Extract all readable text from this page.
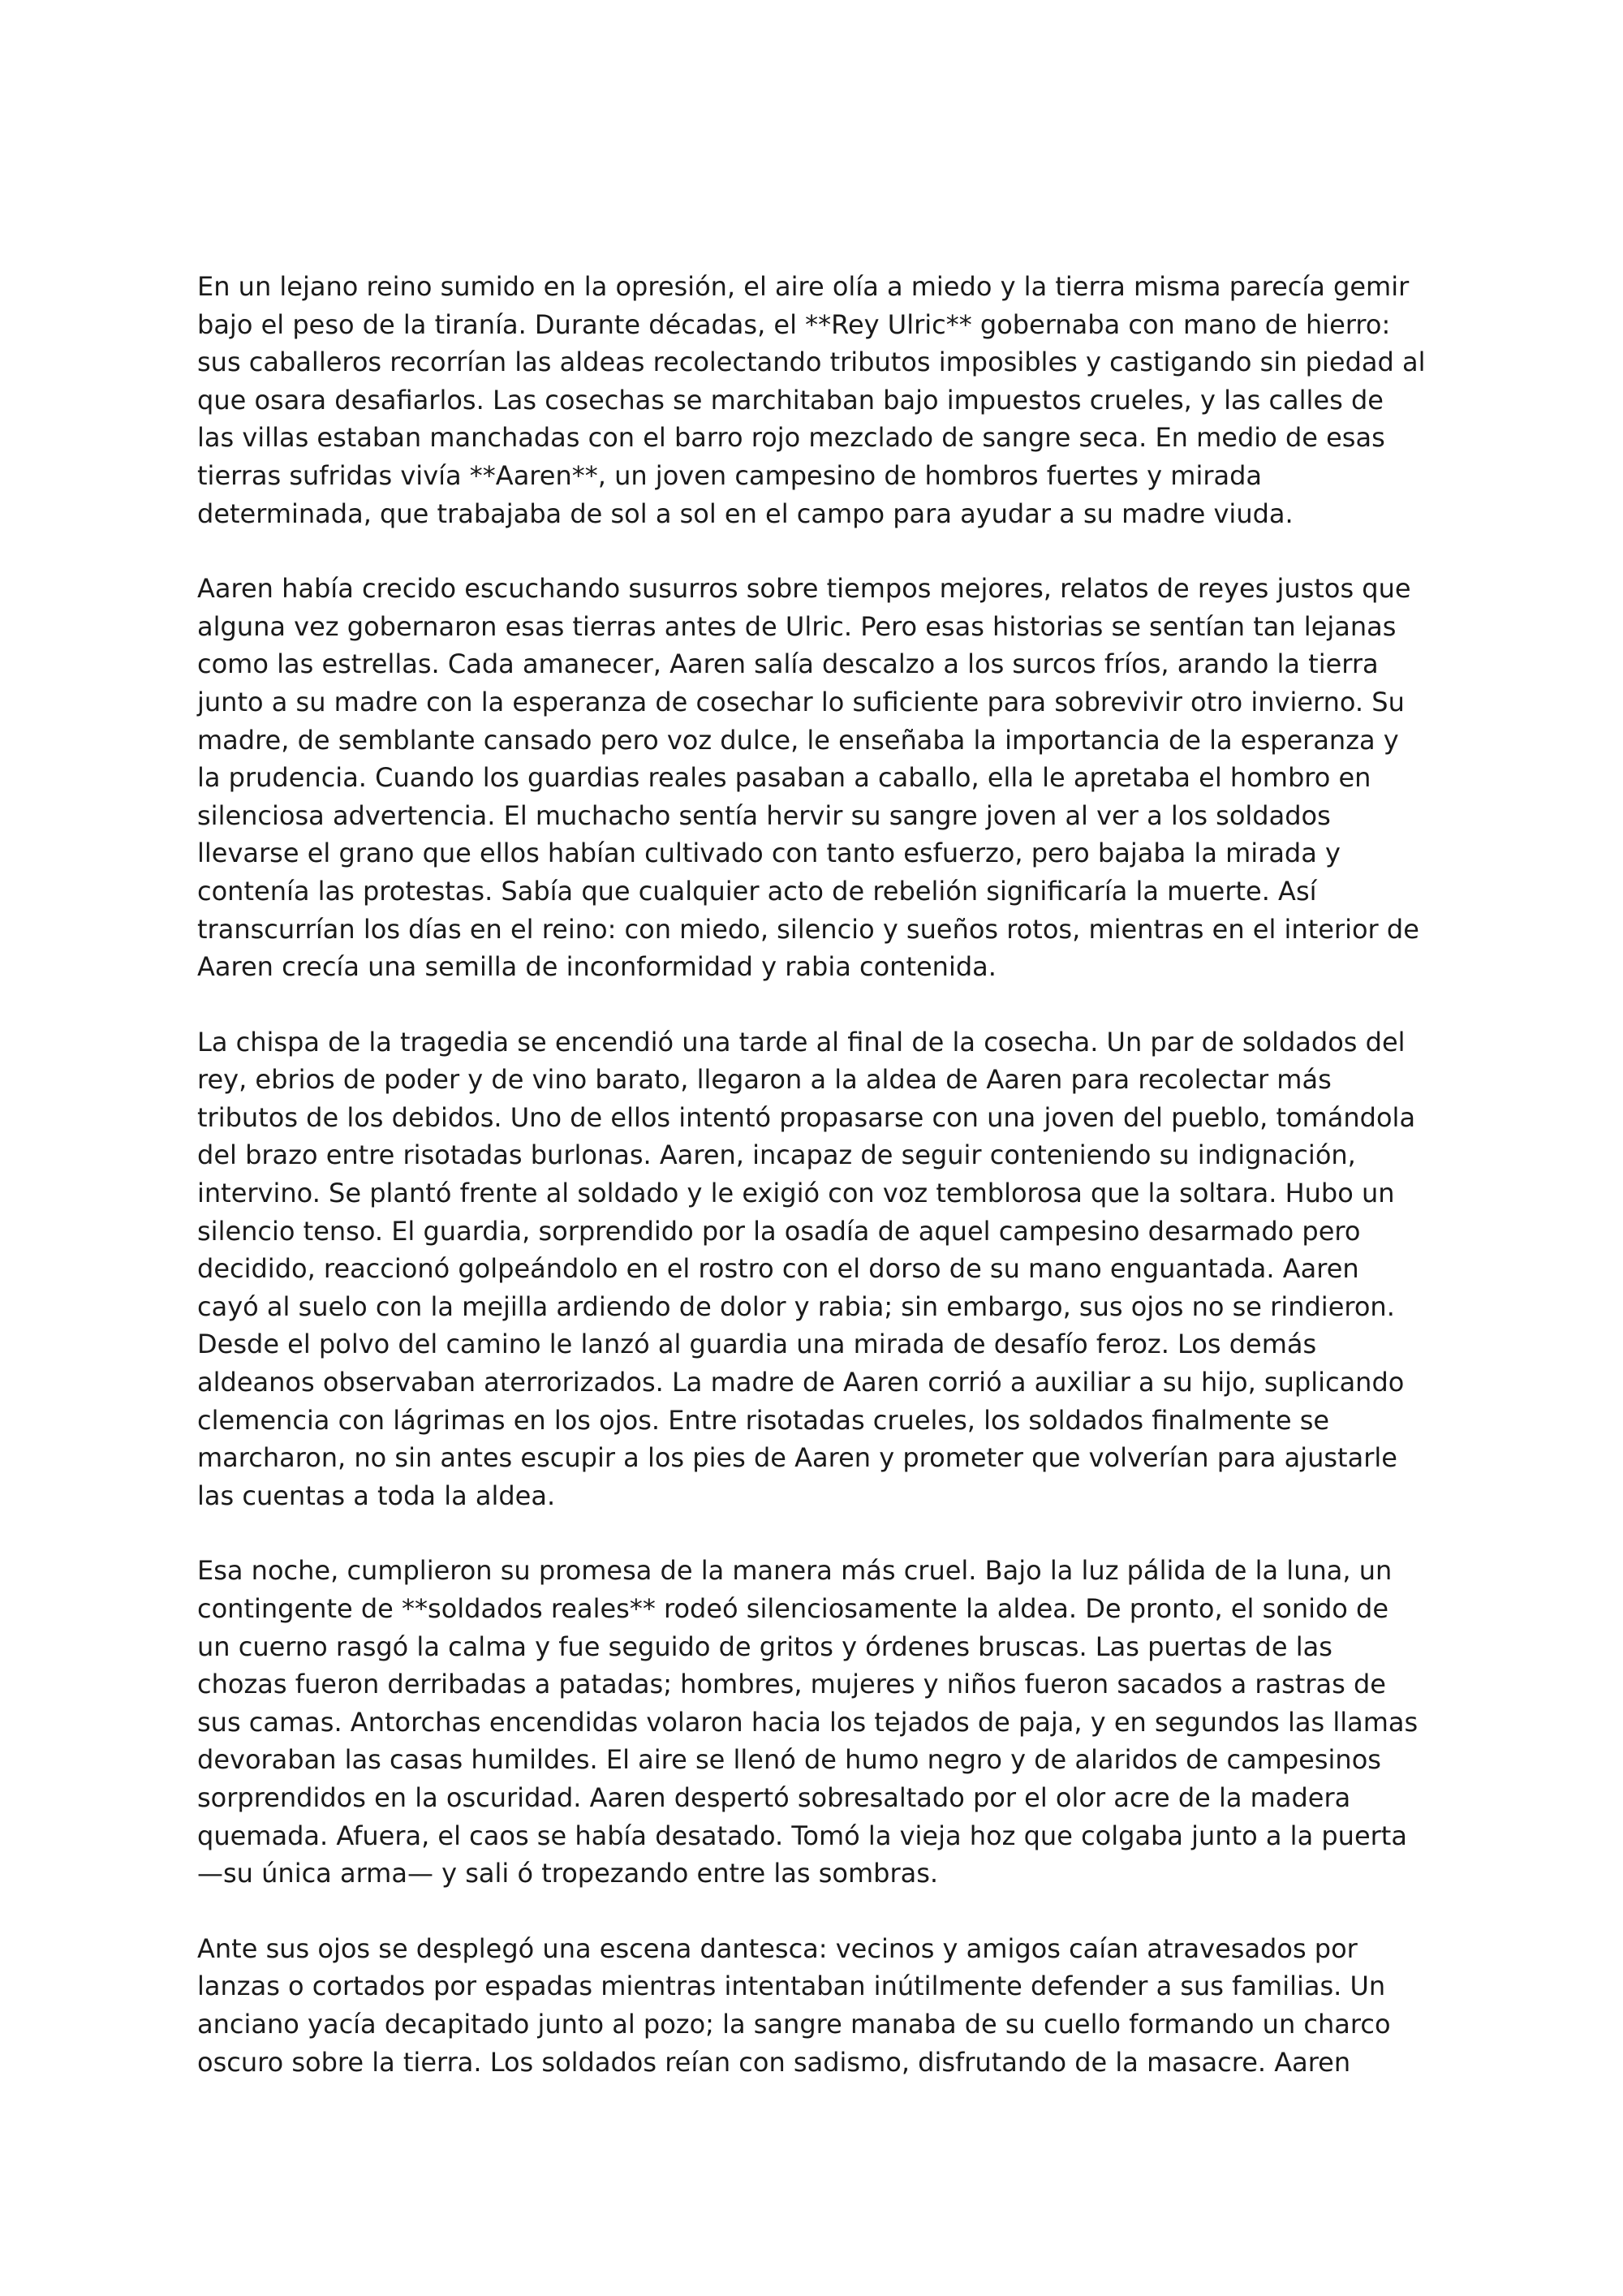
En un lejano reino sumido en la opresión, el aire olía a miedo y la tierra misma parecía gemir bajo el peso de la tiranía. Durante décadas, el **Rey Ulric** gobernaba con mano de hierro: sus caballeros recorrían las aldeas recolectando tributos imposibles y castigando sin piedad al que osara desafiarlos. Las cosechas se marchitaban bajo impuestos crueles, y las calles de las villas estaban manchadas con el barro rojo mezclado de sangre seca. En medio de esas tierras sufridas vivía **Aaren**, un joven campesino de hombros fuertes y mirada determinada, que trabajaba de sol a sol en el campo para ayudar a su madre viuda.

Aaren había crecido escuchando susurros sobre tiempos mejores, relatos de reyes justos que alguna vez gobernaron esas tierras antes de Ulric. Pero esas historias se sentían tan lejanas como las estrellas. Cada amanecer, Aaren salía descalzo a los surcos fríos, arando la tierra junto a su madre con la esperanza de cosechar lo suficiente para sobrevivir otro invierno. Su madre, de semblante cansado pero voz dulce, le enseñaba la importancia de la esperanza y la prudencia. Cuando los guardias reales pasaban a caballo, ella le apretaba el hombro en silenciosa advertencia. El muchacho sentía hervir su sangre joven al ver a los soldados llevarse el grano que ellos habían cultivado con tanto esfuerzo, pero bajaba la mirada y contenía las protestas. Sabía que cualquier acto de rebelión significaría la muerte. Así transcurrían los días en el reino: con miedo, silencio y sueños rotos, mientras en el interior de Aaren crecía una semilla de inconformidad y rabia contenida.

La chispa de la tragedia se encendió una tarde al final de la cosecha. Un par de soldados del rey, ebrios de poder y de vino barato, llegaron a la aldea de Aaren para recolectar más tributos de los debidos. Uno de ellos intentó propasarse con una joven del pueblo, tomándola del brazo entre risotadas burlonas. Aaren, incapaz de seguir conteniendo su indignación, intervino. Se plantó frente al soldado y le exigió con voz temblorosa que la soltara. Hubo un silencio tenso. El guardia, sorprendido por la osadía de aquel campesino desarmado pero decidido, reaccionó golpeándolo en el rostro con el dorso de su mano enguantada. Aaren cayó al suelo con la mejilla ardiendo de dolor y rabia; sin embargo, sus ojos no se rindieron. Desde el polvo del camino le lanzó al guardia una mirada de desafío feroz. Los demás aldeanos observaban aterrorizados. La madre de Aaren corrió a auxiliar a su hijo, suplicando clemencia con lágrimas en los ojos. Entre risotadas crueles, los soldados finalmente se marcharon, no sin antes escupir a los pies de Aaren y prometer que volverían para ajustarle las cuentas a toda la aldea.

Esa noche, cumplieron su promesa de la manera más cruel. Bajo la luz pálida de la luna, un contingente de **soldados reales** rodeó silenciosamente la aldea. De pronto, el sonido de un cuerno rasgó la calma y fue seguido de gritos y órdenes bruscas. Las puertas de las chozas fueron derribadas a patadas; hombres, mujeres y niños fueron sacados a rastras de sus camas. Antorchas encendidas volaron hacia los tejados de paja, y en segundos las llamas devoraban las casas humildes. El aire se llenó de humo negro y de alaridos de campesinos sorprendidos en la oscuridad. Aaren despertó sobresaltado por el olor acre de la madera quemada. Afuera, el caos se había desatado. Tomó la vieja hoz que colgaba junto a la puerta —su única arma— y sali ó tropezando entre las sombras.

Ante sus ojos se desplegó una escena dantesca: vecinos y amigos caían atravesados por lanzas o cortados por espadas mientras intentaban inútilmente defender a sus familias. Un anciano yacía decapitado junto al pozo; la sangre manaba de su cuello formando un charco oscuro sobre la tierra. Los soldados reían con sadismo, disfrutando de la masacre. Aaren
